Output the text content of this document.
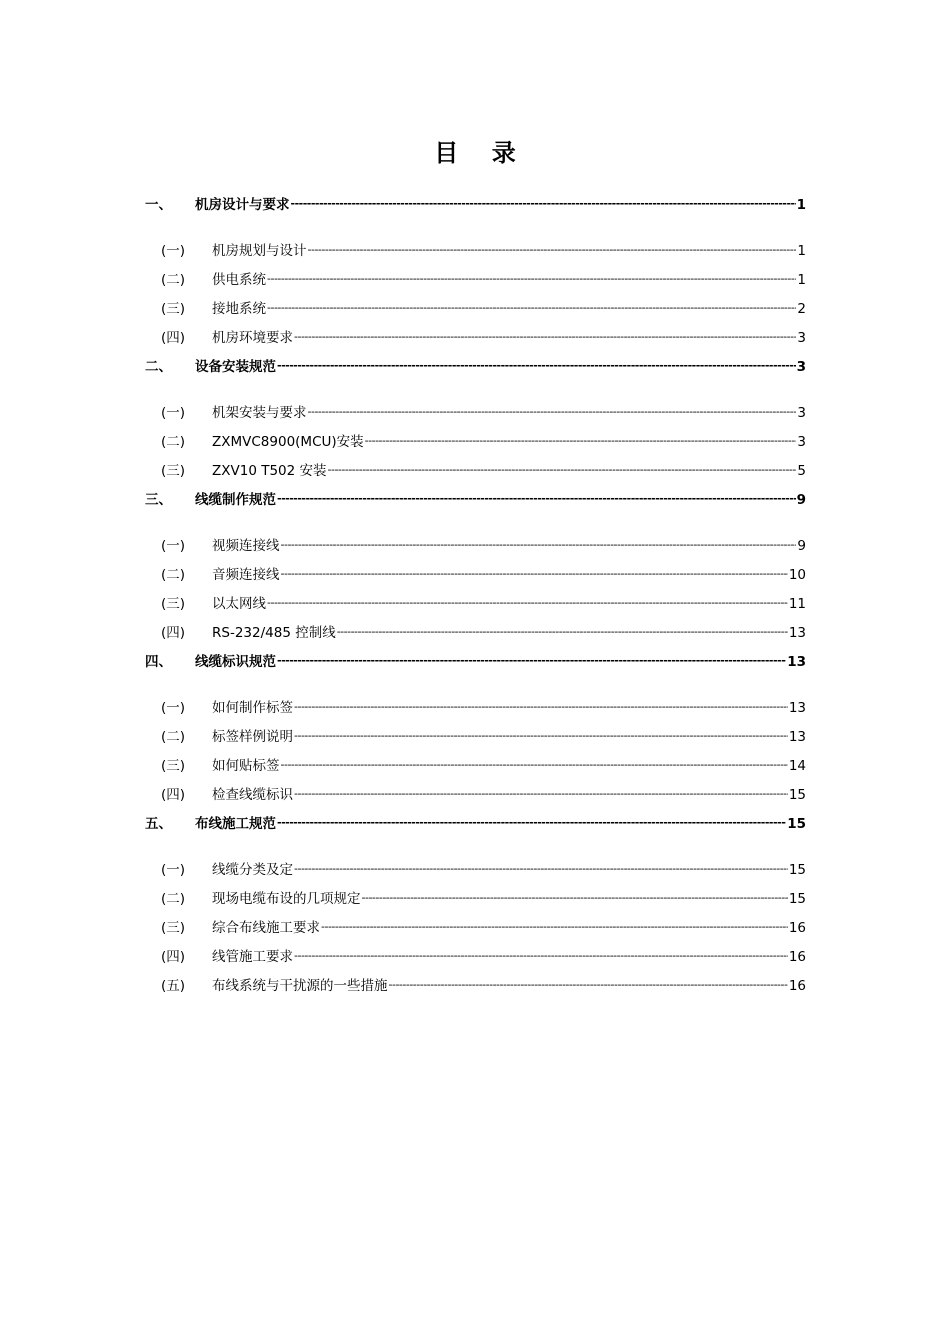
目    录
一、	机房设计与要求 -----	1
(一)	机房规划与设计 -----	1
(二)	供电系统 -----	1
(三)	接地系统 -----	2
(四)	机房环境要求 -----	3
二、	设备安装规范 -----	3
(一)	机架安装与要求 -----	3
(二)	ZXMVC8900(MCU)安装 -----	3
(三)	ZXV10 T502 安装 -----	5
三、	线缆制作规范 -----	9
(一)	视频连接线 -----	9
(二)	音频连接线 -----	10
(三)	以太网线 -----	11
(四)	RS-232/485 控制线 -----	13
四、	线缆标识规范 -----	13
(一)	如何制作标签 -----	13
(二)	标签样例说明 -----	13
(三)	如何贴标签 -----	14
(四)	检查线缆标识 -----	15
五、	布线施工规范 -----	15
(一)	线缆分类及定 -----	15
(二)	现场电缆布设的几项规定 -----	15
(三)	综合布线施工要求 -----	16
(四)	线管施工要求 -----	16
(五)	布线系统与干扰源的一些措施 -----	16
